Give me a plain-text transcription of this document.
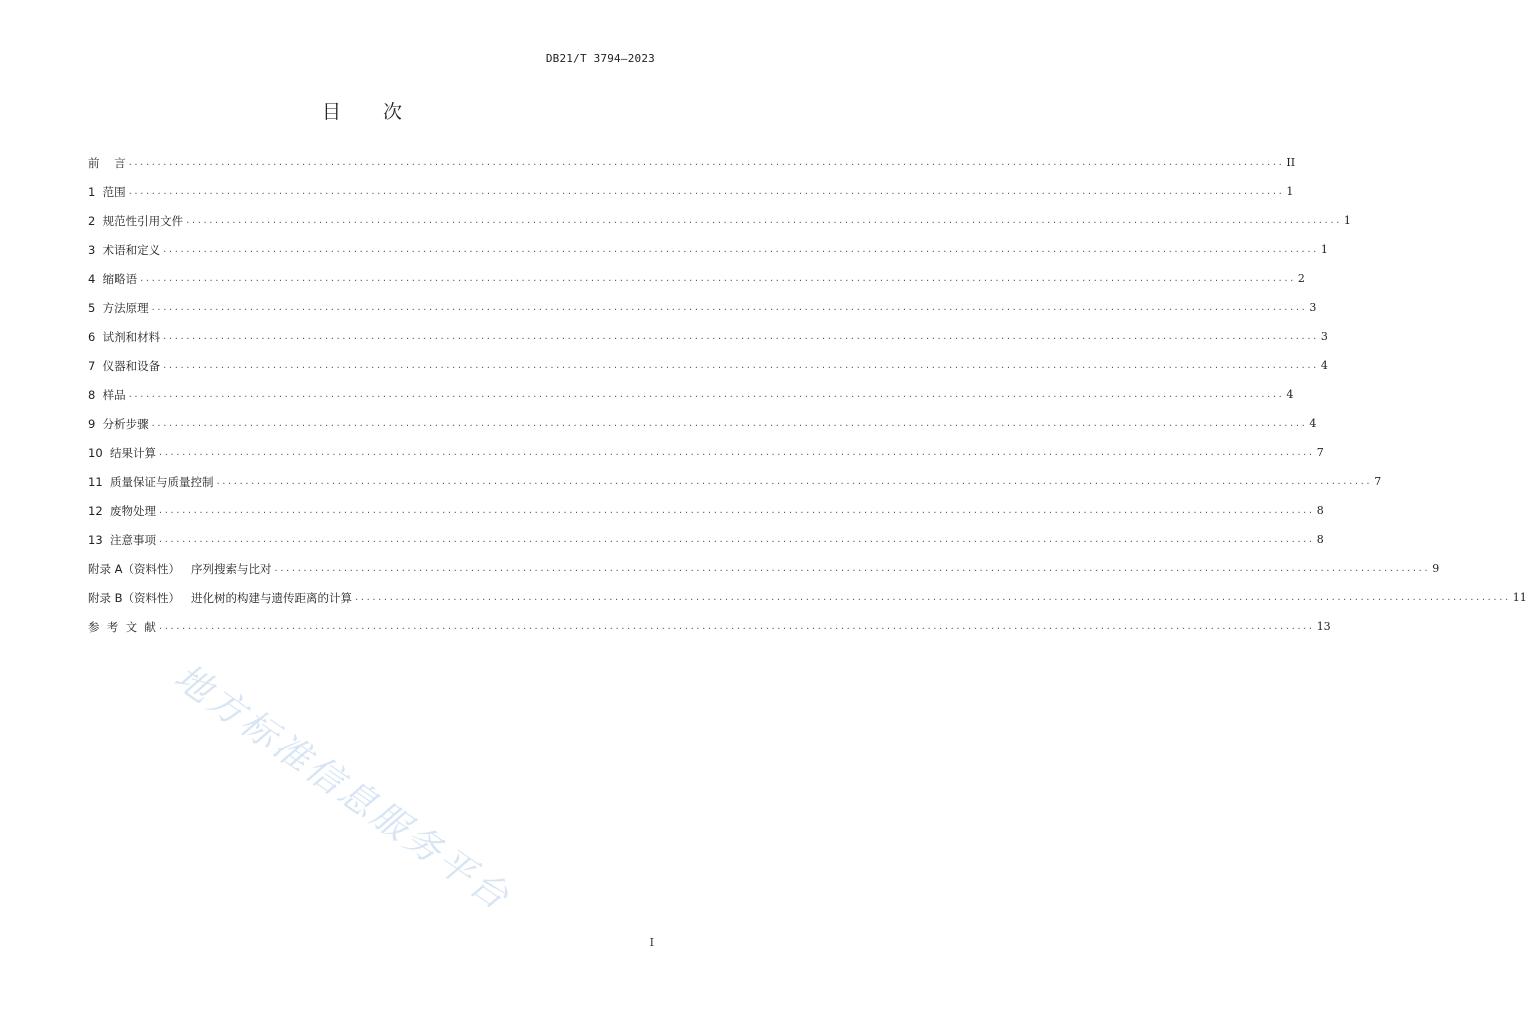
DB21/T 3794—2023
目 次
前    言 ........................................................................................................................................................................................................ II
1  范围 ........................................................................................................................................................................................................ 1
2  规范性引用文件 ........................................................................................................................................................................................................ 1
3  术语和定义 ........................................................................................................................................................................................................ 1
4  缩略语 ........................................................................................................................................................................................................ 2
5  方法原理 ........................................................................................................................................................................................................ 3
6  试剂和材料 ........................................................................................................................................................................................................ 3
7  仪器和设备 ........................................................................................................................................................................................................ 4
8  样品 ........................................................................................................................................................................................................ 4
9  分析步骤 ........................................................................................................................................................................................................ 4
10  结果计算 ........................................................................................................................................................................................................ 7
11  质量保证与质量控制 ........................................................................................................................................................................................................ 7
12  废物处理 ........................................................................................................................................................................................................ 8
13  注意事项 ........................................................................................................................................................................................................ 8
附录 A（资料性）   序列搜索与比对 ........................................................................................................................................................................................................ 9
附录 B（资料性）   进化树的构建与遗传距离的计算 ........................................................................................................................................................................................................ 11
参  考  文  献 ........................................................................................................................................................................................................ 13
地方标准信息服务平台
I
